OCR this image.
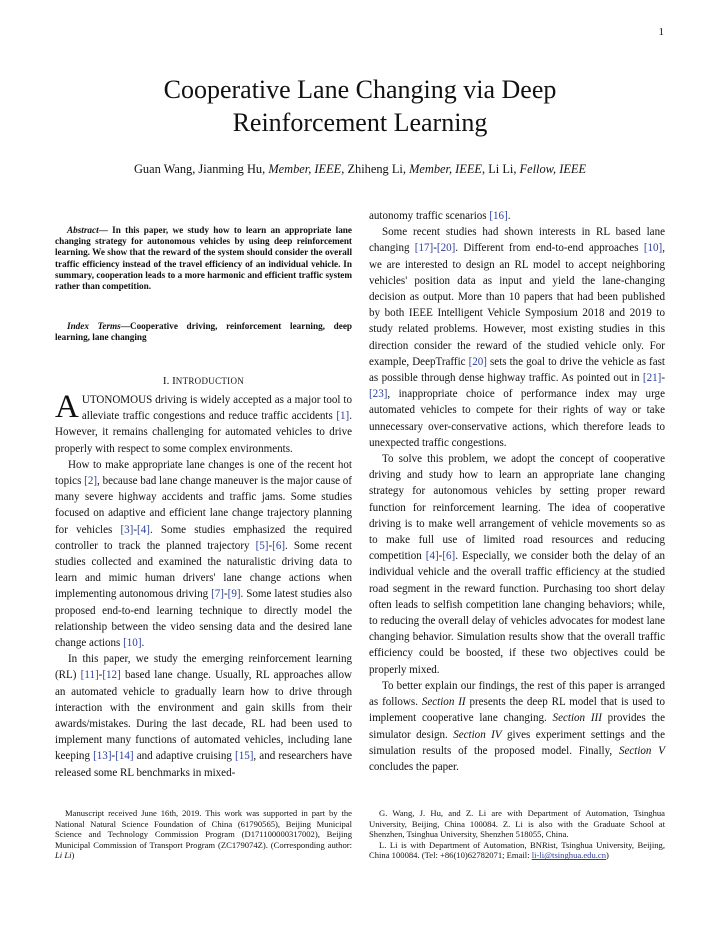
1
Cooperative Lane Changing via Deep
Reinforcement Learning
Guan Wang, Jianming Hu, Member, IEEE, Zhiheng Li, Member, IEEE, Li Li, Fellow, IEEE
Abstract— In this paper, we study how to learn an appropriate lane changing strategy for autonomous vehicles by using deep reinforcement learning. We show that the reward of the system should consider the overall traffic efficiency instead of the travel efficiency of an individual vehicle. In summary, cooperation leads to a more harmonic and efficient traffic system rather than competition.
Index Terms—Cooperative driving, reinforcement learning, deep learning, lane changing
I. INTRODUCTION

AUTONOMOUS driving is widely accepted as a major tool to alleviate traffic congestions and reduce traffic accidents [1]. However, it remains challenging for automated vehicles to drive properly with respect to some complex environments.

How to make appropriate lane changes is one of the recent hot topics [2], because bad lane change maneuver is the major cause of many severe highway accidents and traffic jams. Some studies focused on adaptive and efficient lane change trajectory planning for vehicles [3]-[4]. Some studies emphasized the required controller to track the planned trajectory [5]-[6]. Some recent studies collected and examined the naturalistic driving data to learn and mimic human drivers' lane change actions when implementing autonomous driving [7]-[9]. Some latest studies also proposed end-to-end learning technique to directly model the relationship between the video sensing data and the desired lane change actions [10].

In this paper, we study the emerging reinforcement learning (RL) [11]-[12] based lane change. Usually, RL approaches allow an automated vehicle to gradually learn how to drive through interaction with the environment and gain skills from their awards/mistakes. During the last decade, RL had been used to implement many functions of automated vehicles, including lane keeping [13]-[14] and adaptive cruising [15], and researchers have released some RL benchmarks in mixed-

autonomy traffic scenarios [16].

Some recent studies had shown interests in RL based lane changing [17]-[20]. Different from end-to-end approaches [10], we are interested to design an RL model to accept neighboring vehicles' position data as input and yield the lane-changing decision as output. More than 10 papers that had been published by both IEEE Intelligent Vehicle Symposium 2018 and 2019 to study related problems. However, most existing studies in this direction consider the reward of the studied vehicle only. For example, DeepTraffic [20] sets the goal to drive the vehicle as fast as possible through dense highway traffic. As pointed out in [21]-[23], inappropriate choice of performance index may urge automated vehicles to compete for their rights of way or take unnecessary over-conservative actions, which therefore leads to unexpected traffic congestions.

To solve this problem, we adopt the concept of cooperative driving and study how to learn an appropriate lane changing strategy for autonomous vehicles by setting proper reward function for reinforcement learning. The idea of cooperative driving is to make well arrangement of vehicle movements so as to make full use of limited road resources and reducing competition [4]-[6]. Especially, we consider both the delay of an individual vehicle and the overall traffic efficiency at the studied road segment in the reward function. Purchasing too short delay often leads to selfish competition lane changing behaviors; while, to reducing the overall delay of vehicles advocates for modest lane changing behavior. Simulation results show that the overall traffic efficiency could be boosted, if these two objectives could be properly mixed.

To better explain our findings, the rest of this paper is arranged as follows. Section II presents the deep RL model that is used to implement cooperative lane changing. Section III provides the simulator design. Section IV gives experiment settings and the simulation results of the proposed model. Finally, Section V concludes the paper.

Manuscript received June 16th, 2019. This work was supported in part by the National Natural Science Foundation of China (61790565), Beijing Municipal Science and Technology Commission Program (D171100000317002), Beijing Municipal Commission of Transport Program (ZC179074Z). (Corresponding author: Li Li)

G. Wang, J. Hu, and Z. Li are with Department of Automation, Tsinghua University, Beijing, China 100084. Z. Li is also with the Graduate School at Shenzhen, Tsinghua University, Shenzhen 518055, China.

L. Li is with Department of Automation, BNRist, Tsinghua University, Beijing, China 100084. (Tel: +86(10)62782071; Email: li-li@tsinghua.edu.cn)
